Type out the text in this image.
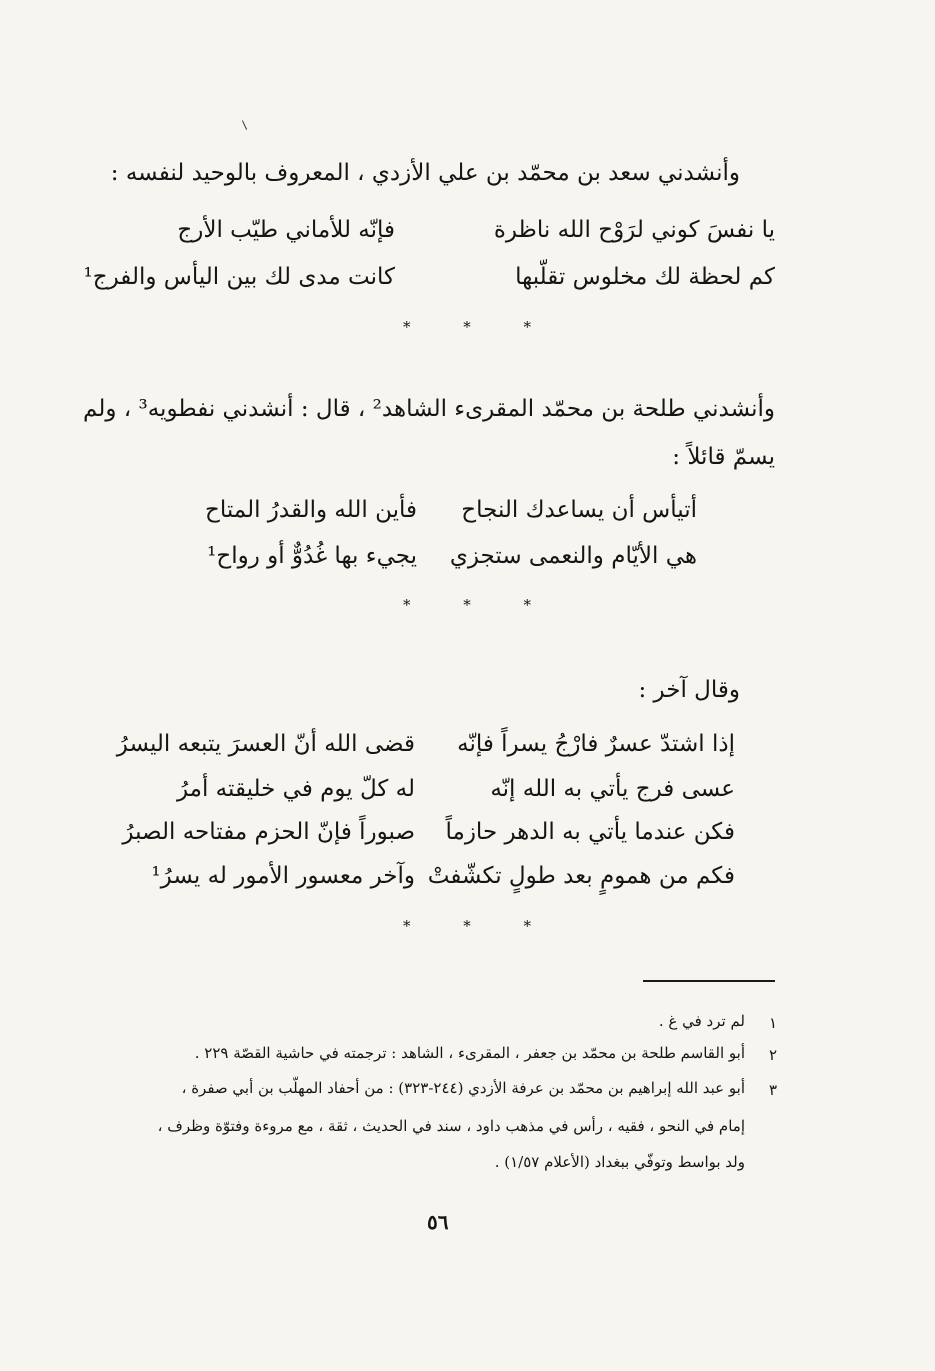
وأنشدني سعد بن محمّد بن علي الأزدي ، المعروف بالوحيد لنفسه :
يا نفسَ كوني لرَوْح الله ناظرة
فإنّه للأماني طيّب الأرج
كم لحظة لك مخلوس تقلّبها
كانت مدى لك بين اليأس والفرج¹
* * *
وأنشدني طلحة بن محمّد المقرىء الشاهد² ، قال : أنشدني نفطويه³ ، ولم
يسمّ قائلاً :
أتيأس أن يساعدك النجاح
فأين الله والقدرُ المتاح
هي الأيّام والنعمى ستجزي
يجيء بها غُدُوٌّ أو رواح¹
* * *
وقال آخر :
إذا اشتدّ عسرٌ فارْجُ يسراً فإنّه
قضى الله أنّ العسرَ يتبعه اليسرُ
عسى فرج يأتي به الله إنّه
له كلّ يوم في خليقته أمرُ
فكن عندما يأتي به الدهر حازماً
صبوراً فإنّ الحزم مفتاحه الصبرُ
فكم من همومٍ بعد طولٍ تكشّفتْ
وآخر معسور الأمور له يسرُ¹
* * *
١
لم ترد في غ .
٢
أبو القاسم طلحة بن محمّد بن جعفر ، المقرىء ، الشاهد : ترجمته في حاشية القصّة ٢٢٩ .
٣
أبو عبد الله إبراهيم بن محمّد بن عرفة الأزدي (٢٤٤-٣٢٣) : من أحفاد المهلّب بن أبي صفرة ،
إمام في النحو ، فقيه ، رأس في مذهب داود ، سند في الحديث ، ثقة ، مع مروءة وفتوّة وظرف ،
ولد بواسط وتوفّي ببغداد (الأعلام ١/٥٧) .
٥٦
